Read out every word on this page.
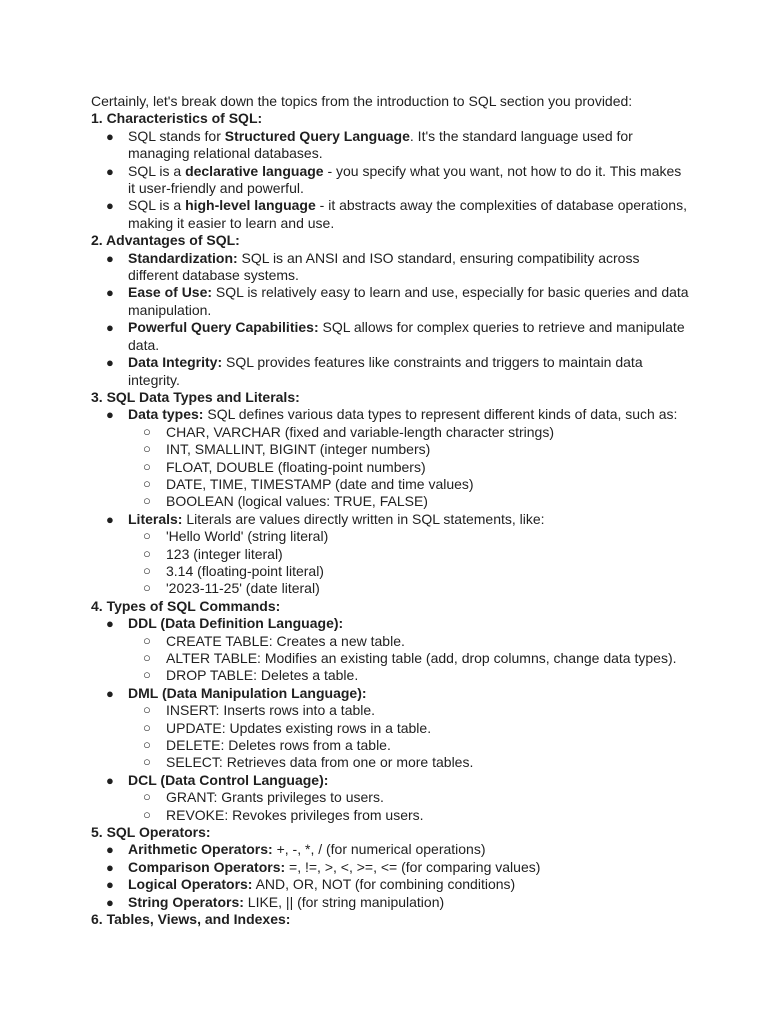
Certainly, let's break down the topics from the introduction to SQL section you provided:

1. Characteristics of SQL:

● SQL stands for Structured Query Language. It's the standard language used for managing relational databases.
● SQL is a declarative language - you specify what you want, not how to do it. This makes it user-friendly and powerful.
● SQL is a high-level language - it abstracts away the complexities of database operations, making it easier to learn and use.

2. Advantages of SQL:

● Standardization: SQL is an ANSI and ISO standard, ensuring compatibility across different database systems.
● Ease of Use: SQL is relatively easy to learn and use, especially for basic queries and data manipulation.
● Powerful Query Capabilities: SQL allows for complex queries to retrieve and manipulate data.
● Data Integrity: SQL provides features like constraints and triggers to maintain data integrity.

3. SQL Data Types and Literals:

● Data types: SQL defines various data types to represent different kinds of data, such as:
○ CHAR, VARCHAR (fixed and variable-length character strings)
○ INT, SMALLINT, BIGINT (integer numbers)
○ FLOAT, DOUBLE (floating-point numbers)
○ DATE, TIME, TIMESTAMP (date and time values)
○ BOOLEAN (logical values: TRUE, FALSE)
● Literals: Literals are values directly written in SQL statements, like:
○ 'Hello World' (string literal)
○ 123 (integer literal)
○ 3.14 (floating-point literal)
○ '2023-11-25' (date literal)

4. Types of SQL Commands:

● DDL (Data Definition Language):
○ CREATE TABLE: Creates a new table.
○ ALTER TABLE: Modifies an existing table (add, drop columns, change data types).
○ DROP TABLE: Deletes a table.
● DML (Data Manipulation Language):
○ INSERT: Inserts rows into a table.
○ UPDATE: Updates existing rows in a table.
○ DELETE: Deletes rows from a table.
○ SELECT: Retrieves data from one or more tables.
● DCL (Data Control Language):
○ GRANT: Grants privileges to users.
○ REVOKE: Revokes privileges from users.

5. SQL Operators:

● Arithmetic Operators: +, -, *, / (for numerical operations)
● Comparison Operators: =, !=, >, <, >=, <= (for comparing values)
● Logical Operators: AND, OR, NOT (for combining conditions)
● String Operators: LIKE, || (for string manipulation)

6. Tables, Views, and Indexes:
